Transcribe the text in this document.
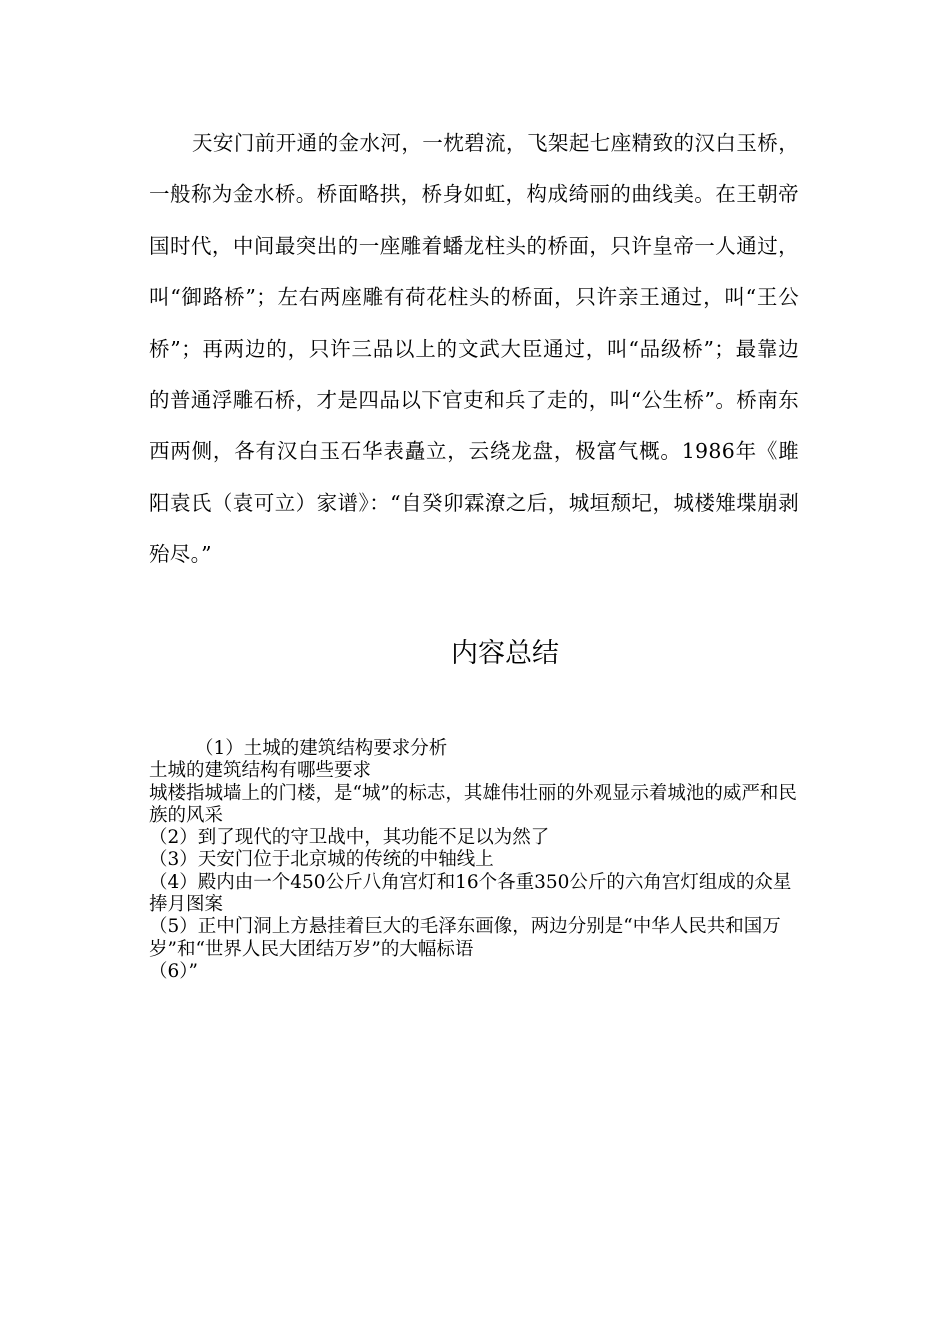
天安门前开通的金水河，一枕碧流，飞架起七座精致的汉白玉桥，一般称为金水桥。桥面略拱，桥身如虹，构成绮丽的曲线美。在王朝帝国时代，中间最突出的一座雕着蟠龙柱头的桥面，只许皇帝一人通过，叫“御路桥”；左右两座雕有荷花柱头的桥面，只许亲王通过，叫“王公桥”；再两边的，只许三品以上的文武大臣通过，叫“品级桥”；最靠边的普通浮雕石桥，才是四品以下官吏和兵了走的，叫“公生桥”。桥南东西两侧，各有汉白玉石华表矗立，云绕龙盘，极富气概。1986年《雎阳袁氏（袁可立）家谱》：“自癸卯霖潦之后，城垣颓圮，城楼雉堞崩剥殆尽。”

内容总结

（1）土城的建筑结构要求分析

土城的建筑结构有哪些要求

城楼指城墙上的门楼，是“城”的标志，其雄伟壮丽的外观显示着城池的威严和民族的风采

（2）到了现代的守卫战中，其功能不足以为然了

（3）天安门位于北京城的传统的中轴线上

（4）殿内由一个450公斤八角宫灯和16个各重350公斤的六角宫灯组成的众星捧月图案

（5）正中门洞上方悬挂着巨大的毛泽东画像，两边分别是“中华人民共和国万岁”和“世界人民大团结万岁”的大幅标语

（6）”
